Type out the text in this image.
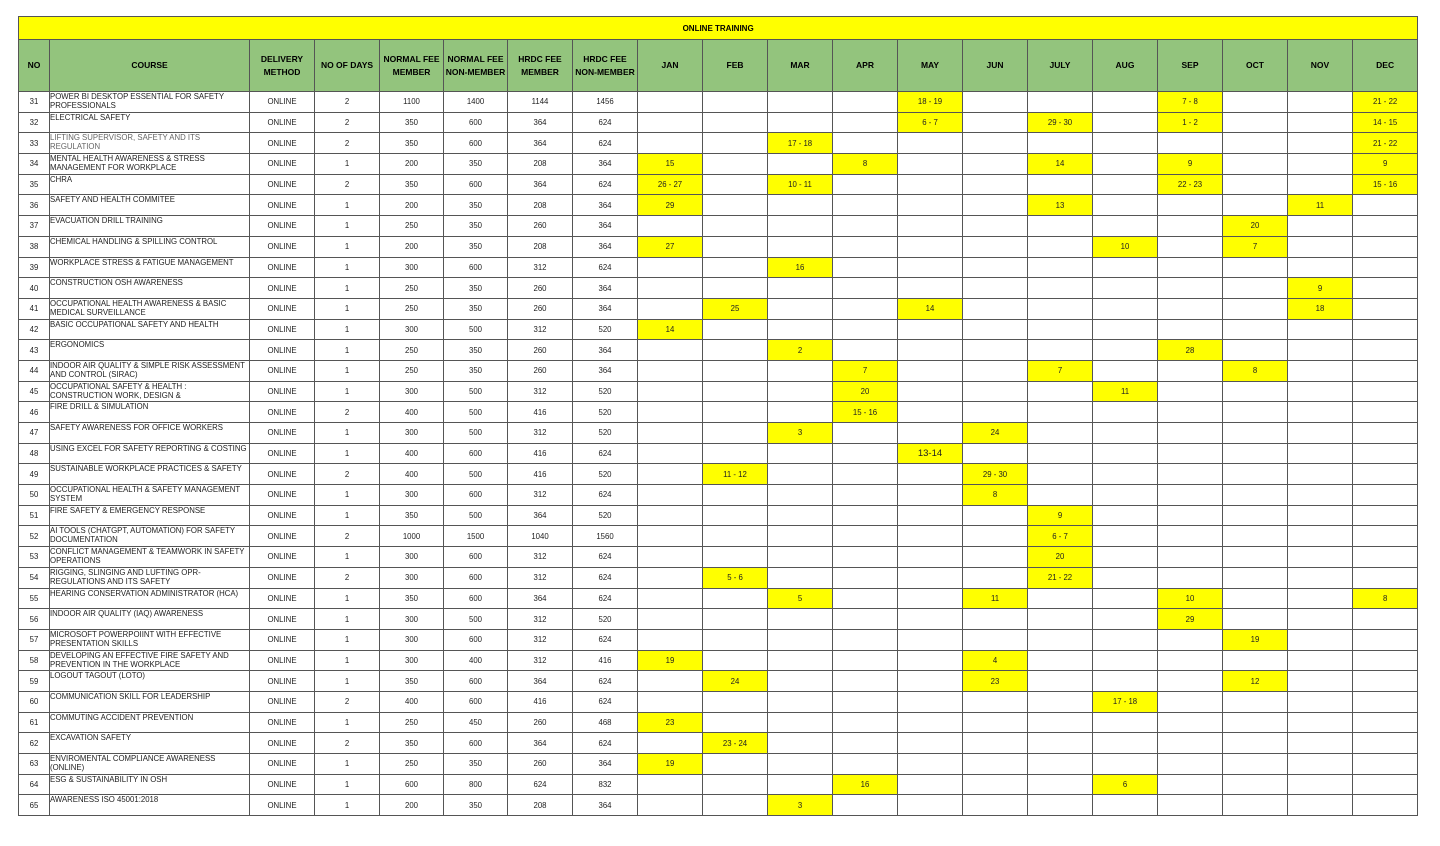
ONLINE TRAINING																			
NO	COURSE	DELIVERY METHOD	NO OF DAYS	NORMAL FEE MEMBER	NORMAL FEE NON-MEMBER	HRDC FEE MEMBER	HRDC FEE NON-MEMBER	JAN	FEB	MAR	APR	MAY	JUN	JULY	AUG	SEP	OCT	NOV	DEC
31	POWER BI DESKTOP ESSENTIAL FOR SAFETY PROFESSIONALS	ONLINE	2	1100	1400	1144	1456					18 - 19				7 - 8			21 - 22
32	ELECTRICAL SAFETY	ONLINE	2	350	600	364	624					6 - 7		29 - 30		1 - 2			14 - 15
33	LIFTING SUPERVISOR, SAFETY AND ITS REGULATION	ONLINE	2	350	600	364	624			17 - 18									21 - 22
34	MENTAL HEALTH AWARENESS & STRESS MANAGEMENT FOR WORKPLACE	ONLINE	1	200	350	208	364	15			8			14		9			9
35	CHRA	ONLINE	2	350	600	364	624	26 - 27		10 - 11						22 - 23			15 - 16
36	SAFETY AND HEALTH COMMITEE	ONLINE	1	200	350	208	364	29						13				11	
37	EVACUATION DRILL TRAINING	ONLINE	1	250	350	260	364										20		
38	CHEMICAL HANDLING & SPILLING CONTROL	ONLINE	1	200	350	208	364	27							10		7		
39	WORKPLACE STRESS & FATIGUE MANAGEMENT	ONLINE	1	300	600	312	624			16									
40	CONSTRUCTION OSH AWARENESS	ONLINE	1	250	350	260	364											9	
41	OCCUPATIONAL HEALTH AWARENESS & BASIC MEDICAL SURVEILLANCE	ONLINE	1	250	350	260	364		25			14						18	
42	BASIC OCCUPATIONAL SAFETY AND HEALTH	ONLINE	1	300	500	312	520	14											
43	ERGONOMICS	ONLINE	1	250	350	260	364			2						28			
44	INDOOR AIR QUALITY & SIMPLE RISK ASSESSMENT AND CONTROL (SIRAC)	ONLINE	1	250	350	260	364				7			7			8		
45	OCCUPATIONAL SAFETY & HEALTH : CONSTRUCTION WORK, DESIGN &	ONLINE	1	300	500	312	520				20				11				
46	FIRE DRILL & SIMULATION	ONLINE	2	400	500	416	520				15 - 16								
47	SAFETY AWARENESS FOR OFFICE WORKERS	ONLINE	1	300	500	312	520			3			24						
48	USING EXCEL FOR SAFETY REPORTING & COSTING	ONLINE	1	400	600	416	624					13-14							
49	SUSTAINABLE WORKPLACE PRACTICES & SAFETY	ONLINE	2	400	500	416	520		11 - 12				29 - 30						
50	OCCUPATIONAL HEALTH & SAFETY MANAGEMENT SYSTEM	ONLINE	1	300	600	312	624						8						
51	FIRE SAFETY & EMERGENCY RESPONSE	ONLINE	1	350	500	364	520							9					
52	AI TOOLS (CHATGPT, AUTOMATION) FOR SAFETY DOCUMENTATION	ONLINE	2	1000	1500	1040	1560							6 - 7					
53	CONFLICT MANAGEMENT & TEAMWORK IN SAFETY OPERATIONS	ONLINE	1	300	600	312	624							20					
54	RIGGING, SLINGING AND LUFTING OPR- REGULATIONS AND ITS SAFETY	ONLINE	2	300	600	312	624		5 - 6					21 - 22					
55	HEARING CONSERVATION ADMINISTRATOR (HCA)	ONLINE	1	350	600	364	624			5			11			10			8
56	INDOOR AIR QUALITY (IAQ) AWARENESS	ONLINE	1	300	500	312	520									29			
57	MICROSOFT POWERPOIINT WITH EFFECTIVE PRESENTATION SKILLS	ONLINE	1	300	600	312	624										19		
58	DEVELOPING AN EFFECTIVE FIRE SAFETY AND PREVENTION IN THE WORKPLACE	ONLINE	1	300	400	312	416	19					4						
59	LOGOUT TAGOUT (LOTO)	ONLINE	1	350	600	364	624		24				23				12		
60	COMMUNICATION SKILL FOR LEADERSHIP	ONLINE	2	400	600	416	624								17 - 18				
61	COMMUTING ACCIDENT PREVENTION	ONLINE	1	250	450	260	468	23											
62	EXCAVATION SAFETY	ONLINE	2	350	600	364	624		23 - 24										
63	ENVIROMENTAL COMPLIANCE AWARENESS (ONLINE)	ONLINE	1	250	350	260	364	19											
64	ESG & SUSTAINABILITY IN OSH	ONLINE	1	600	800	624	832				16				6				
65	AWARENESS ISO 45001:2018	ONLINE	1	200	350	208	364			3									
